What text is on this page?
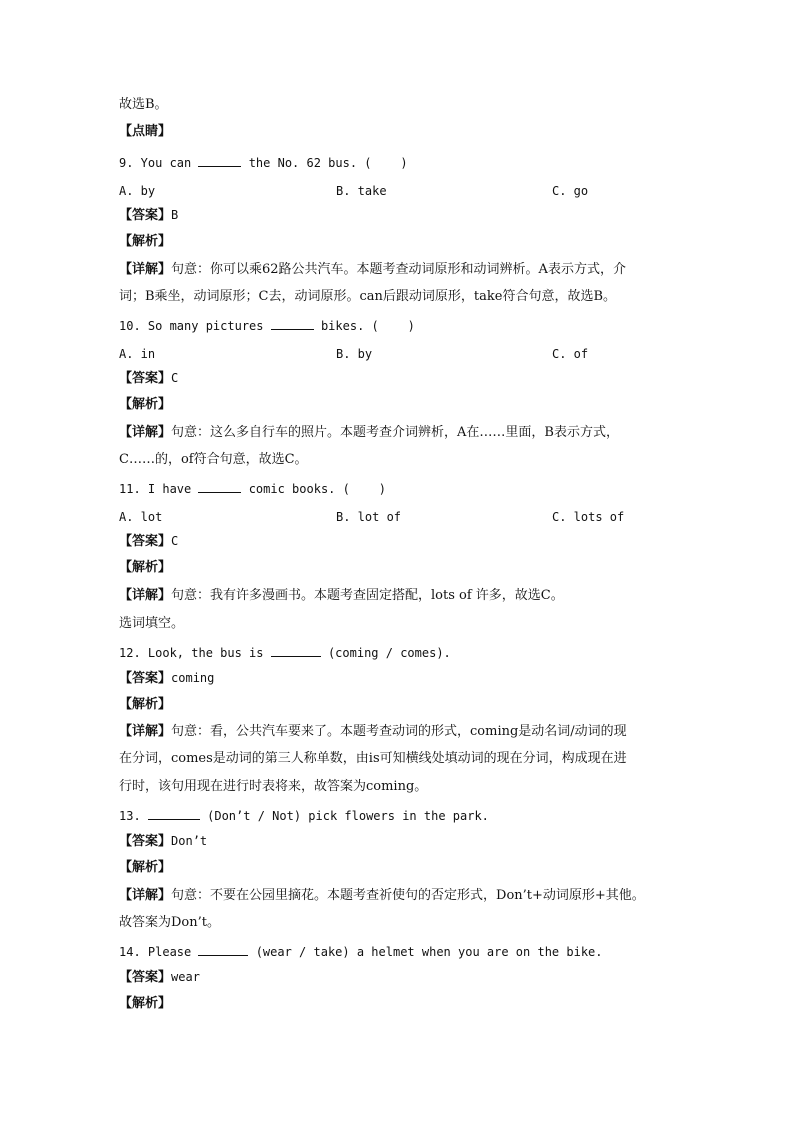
故选B。
【点睛】
9. You can	the No. 62 bus. (    )
A. by	B. take	C. go
【答案】B
【解析】
【详解】句意：你可以乘62路公共汽车。本题考查动词原形和动词辨析。A表示方式，介
词；B乘坐，动词原形；C去，动词原形。can后跟动词原形，take符合句意，故选B。
10. So many pictures	bikes. (    )
A. in	B. by	C. of
【答案】C
【解析】
【详解】句意：这么多自行车的照片。本题考查介词辨析，A在……里面，B表示方式，
C……的，of符合句意，故选C。
11. I have	comic books. (    )
A. lot	B. lot of	C. lots of
【答案】C
【解析】
【详解】句意：我有许多漫画书。本题考查固定搭配，lots of 许多，故选C。
选词填空。
12. Look, the bus is	(coming / comes).
【答案】coming
【解析】
【详解】句意：看，公共汽车要来了。本题考查动词的形式，coming是动名词/动词的现
在分词，comes是动词的第三人称单数，由is可知横线处填动词的现在分词，构成现在进
行时，该句用现在进行时表将来，故答案为coming。
13.	(Don’t / Not) pick flowers in the park.
【答案】Don’t
【解析】
【详解】句意：不要在公园里摘花。本题考查祈使句的否定形式，Don’t+动词原形+其他。
故答案为Don’t。
14. Please	(wear / take) a helmet when you are on the bike.
【答案】wear
【解析】
